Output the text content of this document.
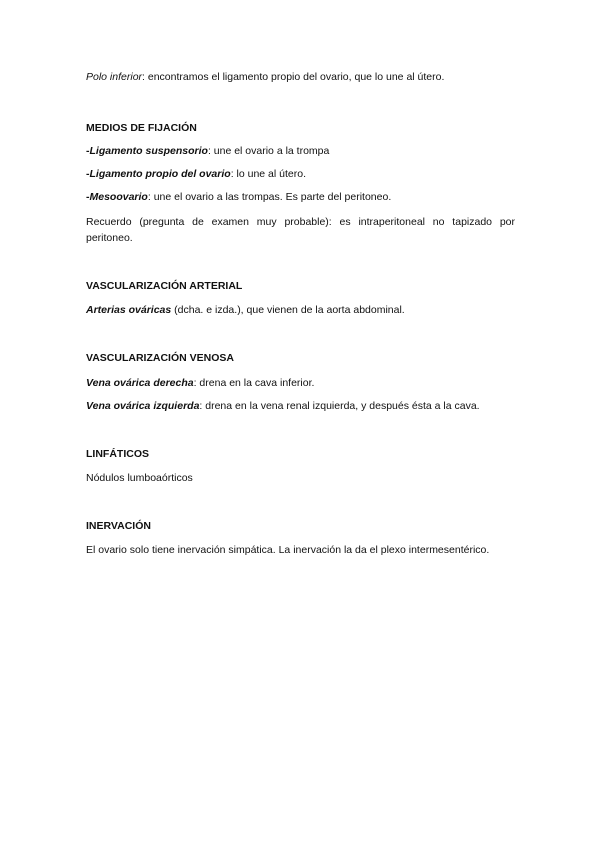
Polo inferior: encontramos el ligamento propio del ovario, que lo une al útero.
MEDIOS DE FIJACIÓN
-Ligamento suspensorio: une el ovario a la trompa
-Ligamento propio del ovario: lo une al útero.
-Mesoovario: une el ovario a las trompas. Es parte del peritoneo.
Recuerdo (pregunta de examen muy probable): es intraperitoneal no tapizado por peritoneo.
VASCULARIZACIÓN ARTERIAL
Arterias ováricas (dcha. e izda.), que vienen de la aorta abdominal.
VASCULARIZACIÓN VENOSA
Vena ovárica derecha: drena en la cava inferior.
Vena ovárica izquierda: drena en la vena renal izquierda, y después ésta a la cava.
LINFÁTICOS
Nódulos lumboaórticos
INERVACIÓN
El ovario solo tiene inervación simpática. La inervación la da el plexo intermesentérico.
